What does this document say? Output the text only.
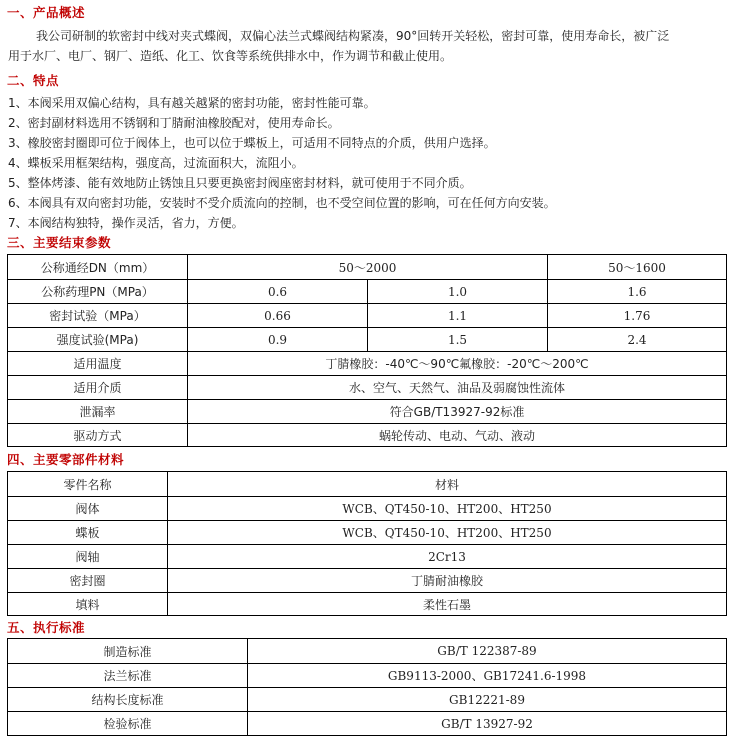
一、产品概述
我公司研制的软密封中线对夹式蝶阀，双偏心法兰式蝶阀结构紧凑，90°回转开关轻松，密封可靠，使用寿命长，被广泛
用于水厂、电厂、钢厂、造纸、化工、饮食等系统供排水中，作为调节和截止使用。
二、特点
1、本阀采用双偏心结构，具有越关越紧的密封功能，密封性能可靠。
2、密封副材料选用不锈钢和丁腈耐油橡胶配对，使用寿命长。
3、橡胶密封圈即可位于阀体上，也可以位于蝶板上，可适用不同特点的介质，供用户选择。
4、蝶板采用框架结构，强度高，过流面积大，流阻小。
5、整体烤漆、能有效地防止锈蚀且只要更换密封阀座密封材料，就可使用于不同介质。
6、本阀具有双向密封功能，安装时不受介质流向的控制，也不受空间位置的影响，可在任何方向安装。
7、本阀结构独特，操作灵活，省力，方便。
三、主要结束参数
公称通经DN（mm）	50～2000	50～1600
公称药理PN（MPa）	0.6	1.0	1.6
密封试验（MPa）	0.66	1.1	1.76
强度试验(MPa)	0.9	1.5	2.4
适用温度	丁腈橡胶：-40℃～90℃氟橡胶：-20℃～200℃
适用介质	水、空气、天然气、油品及弱腐蚀性流体
泄漏率	符合GB/T13927-92标准
驱动方式	蜗轮传动、电动、气动、液动
四、主要零部件材料
零件名称	材料
阀体	WCB、QT450-10、HT200、HT250
蝶板	WCB、QT450-10、HT200、HT250
阀轴	2Cr13
密封圈	丁腈耐油橡胶
填料	柔性石墨
五、执行标准
制造标准	GB/T 122387-89
法兰标准	GB9113-2000、GB17241.6-1998
结构长度标准	GB12221-89
检验标准	GB/T 13927-92
